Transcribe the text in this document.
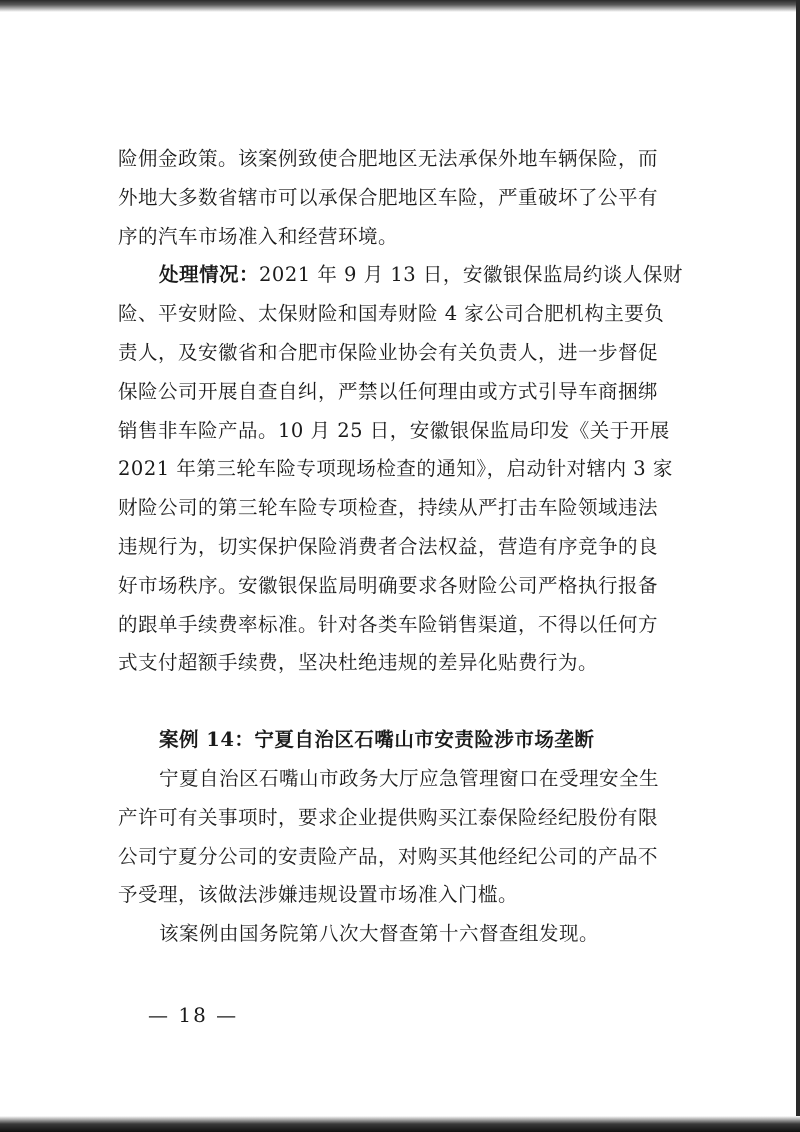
险佣金政策。该案例致使合肥地区无法承保外地车辆保险，而
外地大多数省辖市可以承保合肥地区车险，严重破坏了公平有
序的汽车市场准入和经营环境。
处理情况：2021 年 9 月 13 日，安徽银保监局约谈人保财
险、平安财险、太保财险和国寿财险 4 家公司合肥机构主要负
责人，及安徽省和合肥市保险业协会有关负责人，进一步督促
保险公司开展自查自纠，严禁以任何理由或方式引导车商捆绑
销售非车险产品。10 月 25 日，安徽银保监局印发《关于开展
2021 年第三轮车险专项现场检查的通知》，启动针对辖内 3 家
财险公司的第三轮车险专项检查，持续从严打击车险领域违法
违规行为，切实保护保险消费者合法权益，营造有序竞争的良
好市场秩序。安徽银保监局明确要求各财险公司严格执行报备
的跟单手续费率标准。针对各类车险销售渠道，不得以任何方
式支付超额手续费，坚决杜绝违规的差异化贴费行为。
案例 14：宁夏自治区石嘴山市安责险涉市场垄断
宁夏自治区石嘴山市政务大厅应急管理窗口在受理安全生
产许可有关事项时，要求企业提供购买江泰保险经纪股份有限
公司宁夏分公司的安责险产品，对购买其他经纪公司的产品不
予受理，该做法涉嫌违规设置市场准入门槛。
该案例由国务院第八次大督查第十六督查组发现。
— 18 —
